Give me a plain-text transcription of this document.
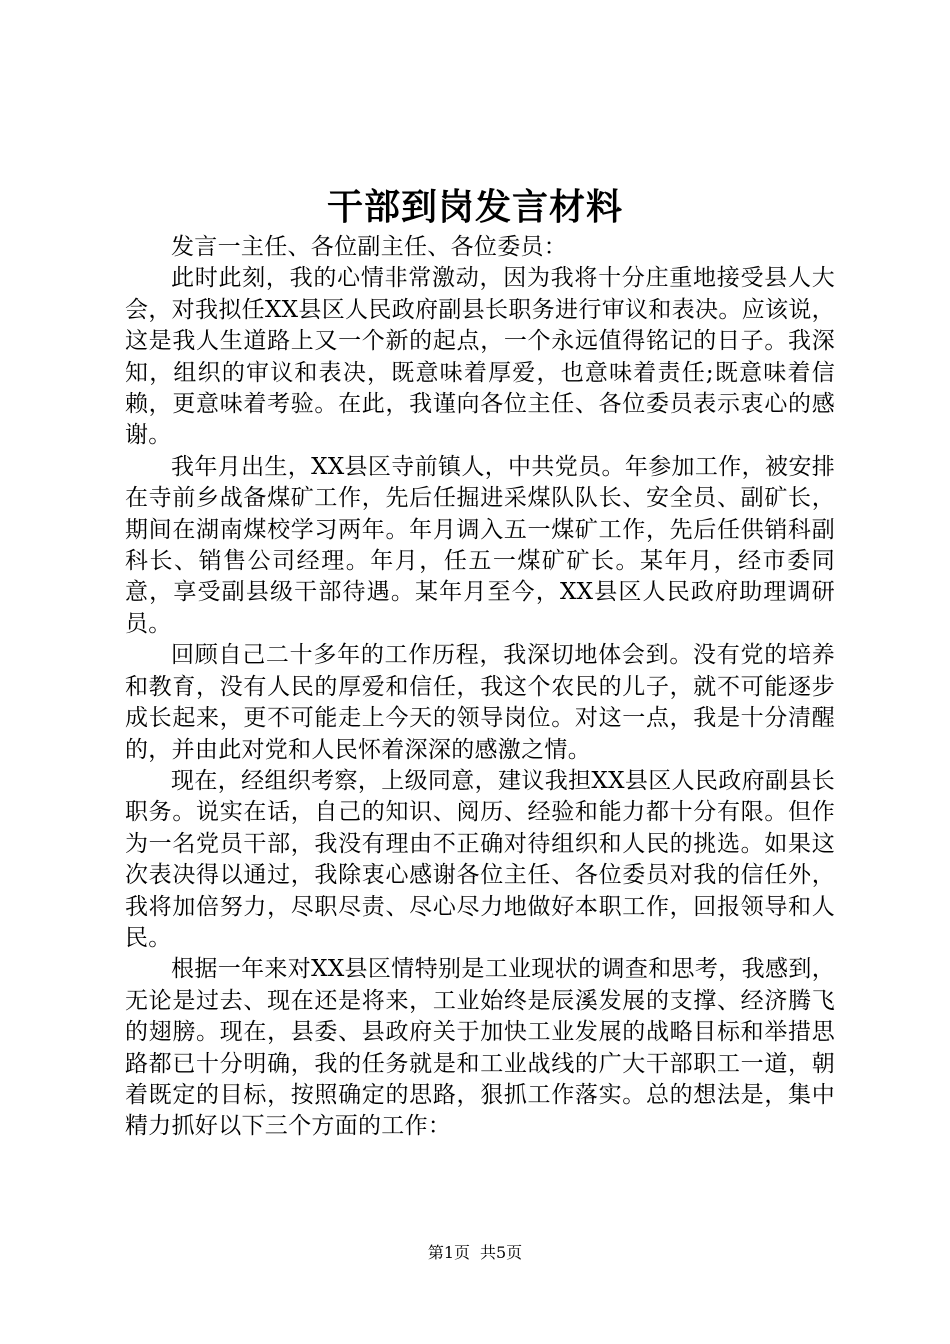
干部到岗发言材料

发言一主任、各位副主任、各位委员：

此时此刻，我的心情非常激动，因为我将十分庄重地接受县人大会，对我拟任XX县区人民政府副县长职务进行审议和表决。应该说，这是我人生道路上又一个新的起点，一个永远值得铭记的日子。我深知，组织的审议和表决，既意味着厚爱，也意味着责任;既意味着信赖，更意味着考验。在此，我谨向各位主任、各位委员表示衷心的感谢。

我年月出生，XX县区寺前镇人，中共党员。年参加工作，被安排在寺前乡战备煤矿工作，先后任掘进采煤队队长、安全员、副矿长，期间在湖南煤校学习两年。年月调入五一煤矿工作，先后任供销科副科长、销售公司经理。年月，任五一煤矿矿长。某年月，经市委同意，享受副县级干部待遇。某年月至今，XX县区人民政府助理调研员。

回顾自己二十多年的工作历程，我深切地体会到。没有党的培养和教育，没有人民的厚爱和信任，我这个农民的儿子，就不可能逐步成长起来，更不可能走上今天的领导岗位。对这一点，我是十分清醒的，并由此对党和人民怀着深深的感激之情。

现在，经组织考察，上级同意，建议我担XX县区人民政府副县长职务。说实在话，自己的知识、阅历、经验和能力都十分有限。但作为一名党员干部，我没有理由不正确对待组织和人民的挑选。如果这次表决得以通过，我除衷心感谢各位主任、各位委员对我的信任外，我将加倍努力，尽职尽责、尽心尽力地做好本职工作，回报领导和人民。

根据一年来对XX县区情特别是工业现状的调查和思考，我感到，无论是过去、现在还是将来，工业始终是辰溪发展的支撑、经济腾飞的翅膀。现在，县委、县政府关于加快工业发展的战略目标和举措思路都已十分明确，我的任务就是和工业战线的广大干部职工一道，朝着既定的目标，按照确定的思路，狠抓工作落实。总的想法是，集中精力抓好以下三个方面的工作：

第1页 共5页
